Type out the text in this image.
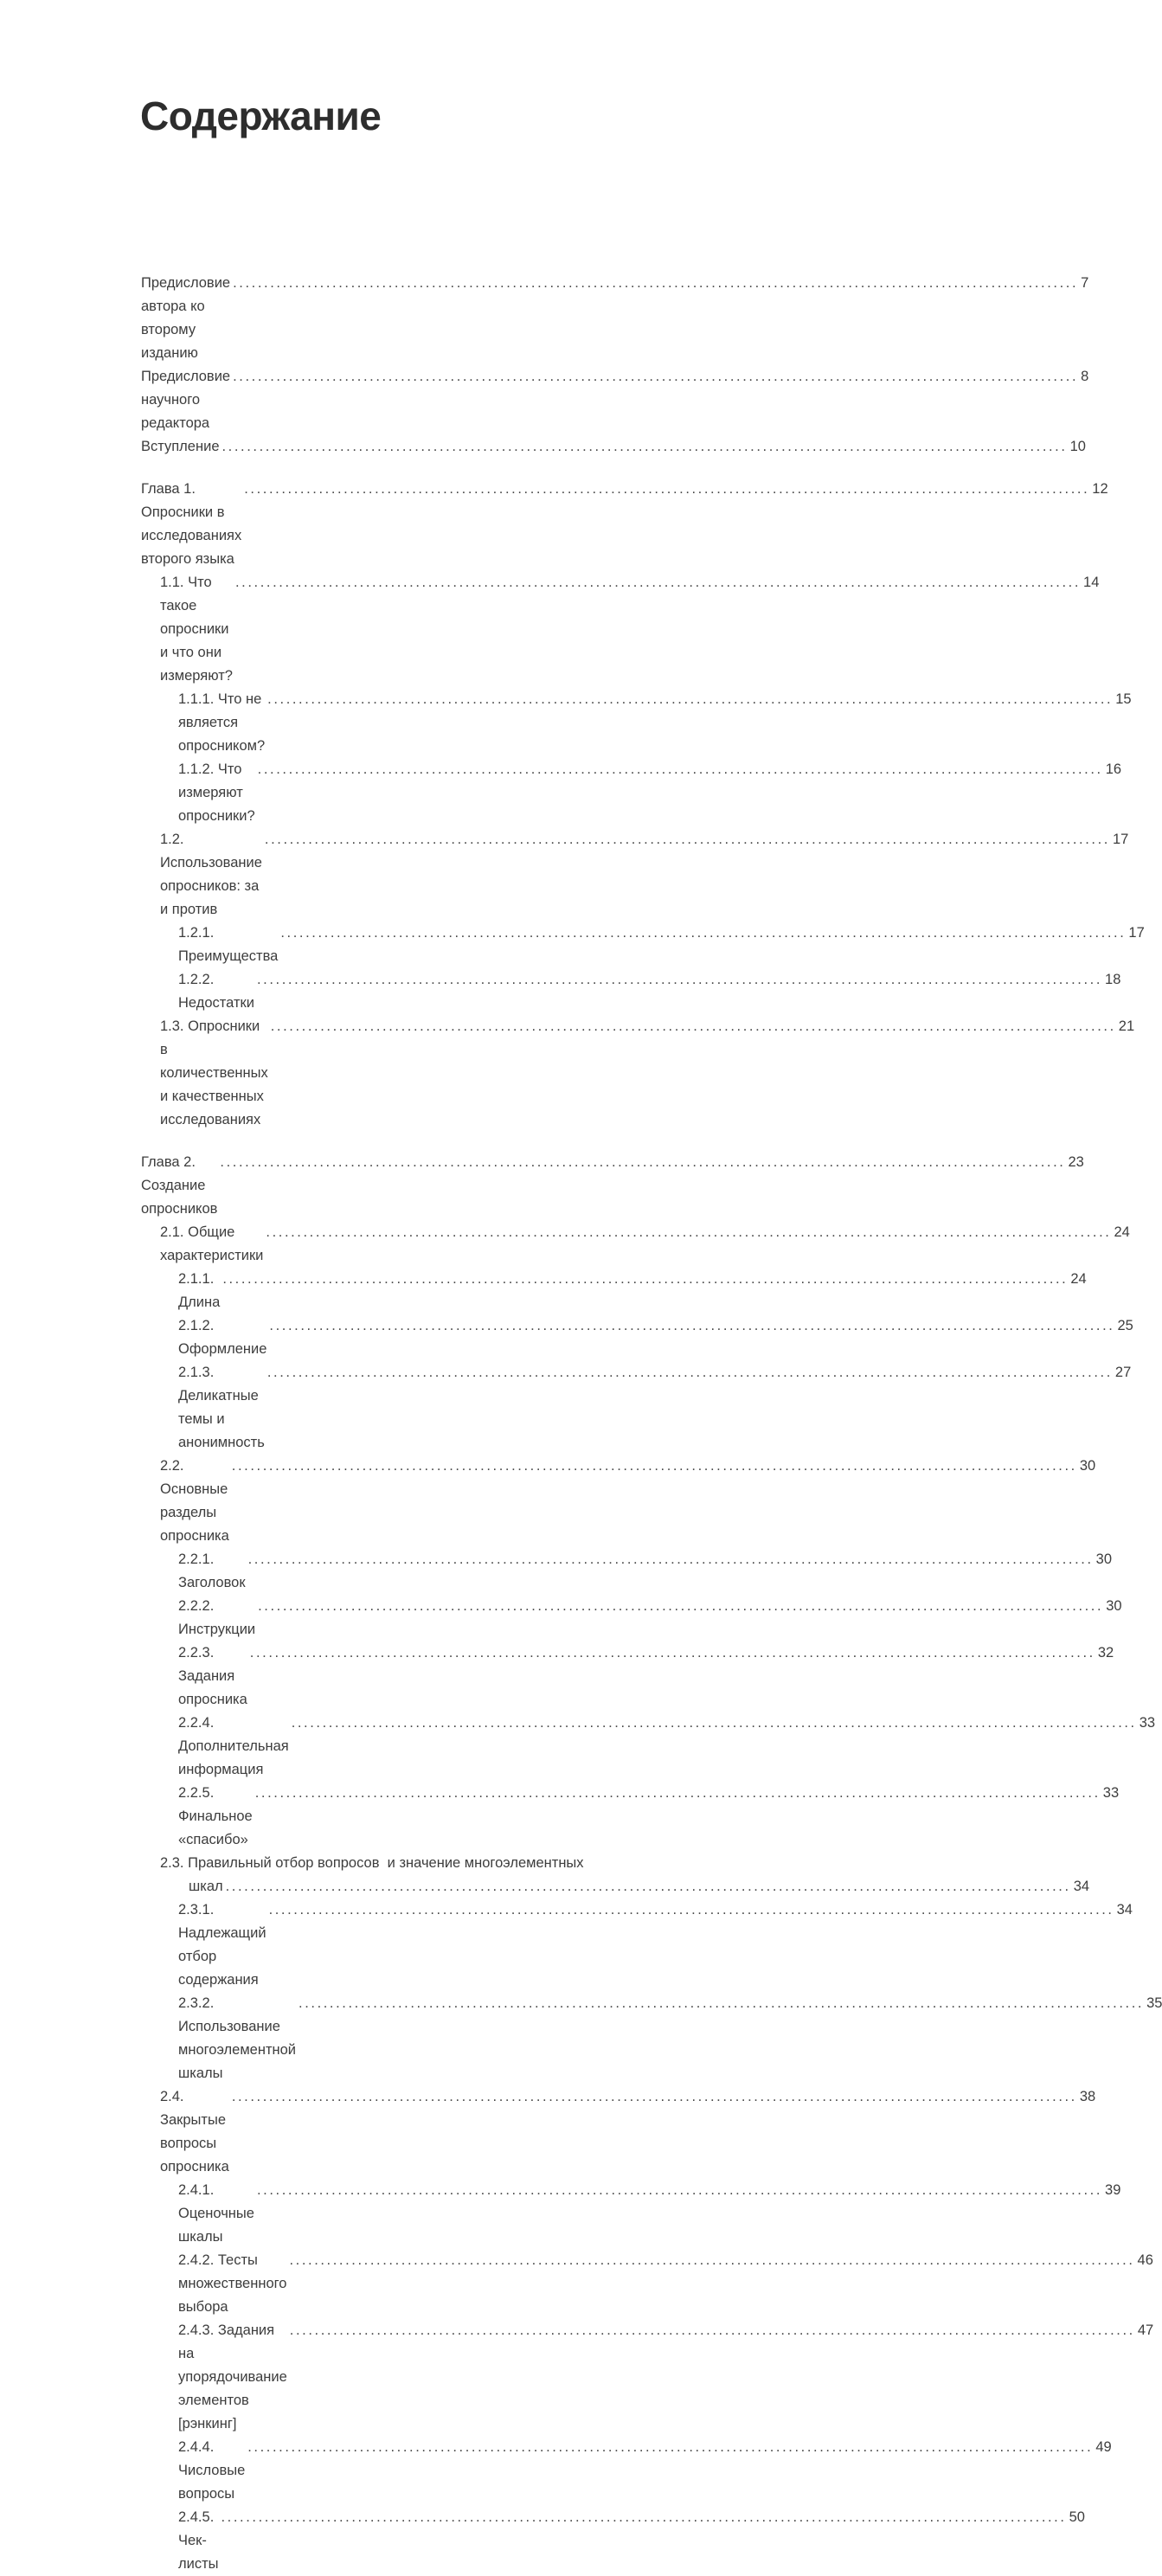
Содержание
Предисловие автора ко второму изданию
.....
7
Предисловие научного редактора
.....
8
Вступление .....	10
Глава 1. Опросники в исследованиях второго языка
.....
12
1.1. Что такое опросники и что они измеряют?
.....
14
1.1.1. Что не является опросником?
.....
15
1.1.2. Что измеряют опросники?
.....
16
1.2. Использование опросников: за и против
.....
17
1.2.1. Преимущества
.....
17
1.2.2. Недостатки
.....
18
1.3. Опросники в количественных и качественных исследованиях
.....
21
Глава 2. Создание опросников
.....
23
2.1. Общие характеристики
.....
24
2.1.1. Длина
.....
24
2.1.2. Оформление
.....
25
2.1.3. Деликатные темы и анонимность
.....
27
2.2. Основные разделы опросника
.....
30
2.2.1. Заголовок
.....
30
2.2.2. Инструкции
.....
30
2.2.3. Задания опросника
.....
32
2.2.4. Дополнительная информация
.....
33
2.2.5. Финальное «спасибо»
.....
33
2.3. Правильный отбор вопросов  и значение многоэлементных
шкал .....	34
2.3.1. Надлежащий отбор содержания
.....
34
2.3.2. Использование многоэлементной шкалы
.....
35
2.4. Закрытые вопросы опросника
.....
38
2.4.1. Оценочные шкалы
.....
39
2.4.2. Тесты множественного выбора
.....
46
2.4.3. Задания на упорядочивание элементов [рэнкинг]
.....
47
2.4.4. Числовые вопросы
.....
49
2.4.5. Чек-листы
.....
50
